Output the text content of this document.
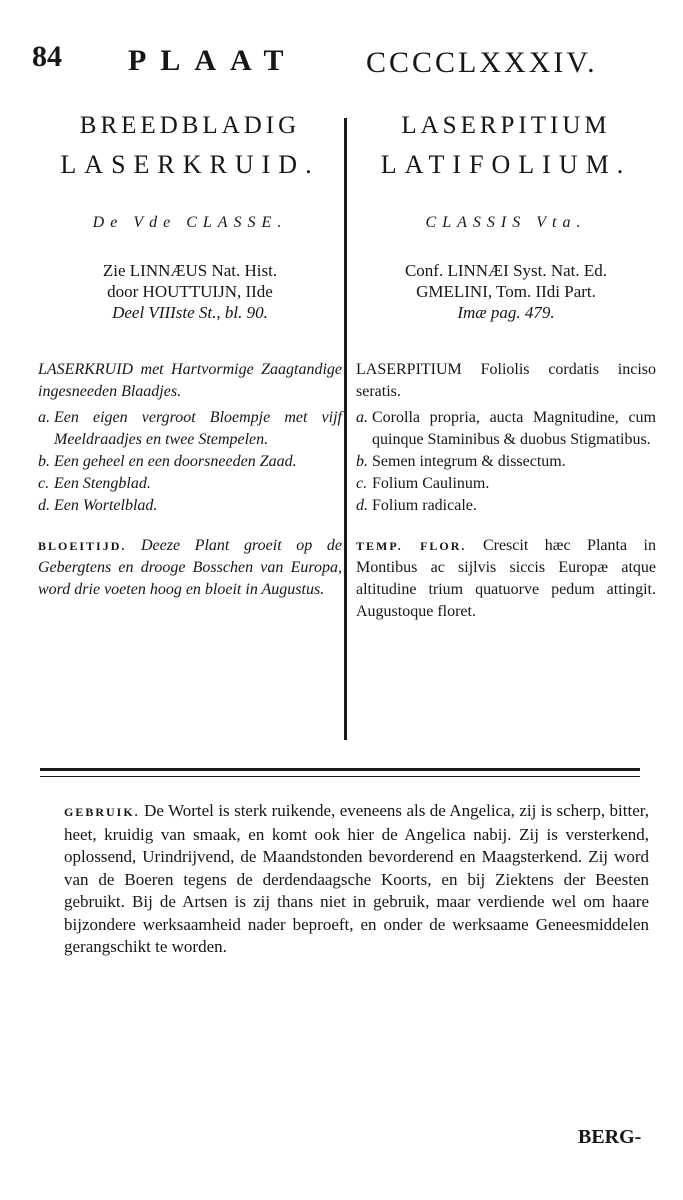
84 PLAAT CCCCLXXXIV.
BREEDBLADIG
LASERKRUID.
De Vde CLASSE.
Zie LINNÆUS Nat. Hist.
door HOUTTUIJN, IIde
Deel VIIIste St., bl. 90.
LASERKRUID met Hartvormige Zaagtandige ingesneeden Blaadjes.
a. Een eigen vergroot Bloempje met vijf Meeldraadjes en twee Stempelen.
b. Een geheel en een doorsneeden Zaad.
c. Een Stengblad.
d. Een Wortelblad.
BLOEITIJD. Deeze Plant groeit op de Gebergtens en drooge Bosschen van Europa, word drie voeten hoog en bloeit in Augustus.
LASERPITIUM
LATIFOLIUM.
CLASSIS Vta.
Conf. LINNÆI Syst. Nat. Ed.
GMELINI, Tom. IIdi Part.
Imæ pag. 479.
LASERPITIUM Foliolis cordatis inciso seratis.
a. Corolla propria, aucta Magnitudine, cum quinque Staminibus & duobus Stigmatibus.
b. Semen integrum & dissectum.
c. Folium Caulinum.
d. Folium radicale.
TEMP. FLOR. Crescit hæc Planta in Montibus ac sijlvis siccis Europæ atque altitudine trium quatuorve pedum attingit. Augustoque floret.

GEBRUIK. De Wortel is sterk ruikende, eveneens als de Angelica, zij is scherp, bitter, heet, kruidig van smaak, en komt ook hier de Angelica nabij. Zij is versterkend, oplossend, Urindrijvend, de Maandstonden bevorderend en Maagsterkend. Zij word van de Boeren tegens de derdendaagsche Koorts, en bij Ziektens der Beesten gebruikt. Bij de Artsen is zij thans niet in gebruik, maar verdiende wel om haare bijzondere werksaamheid nader beproeft, en onder de werksaame Geneesmiddelen gerangschikt te worden.

BERG-
